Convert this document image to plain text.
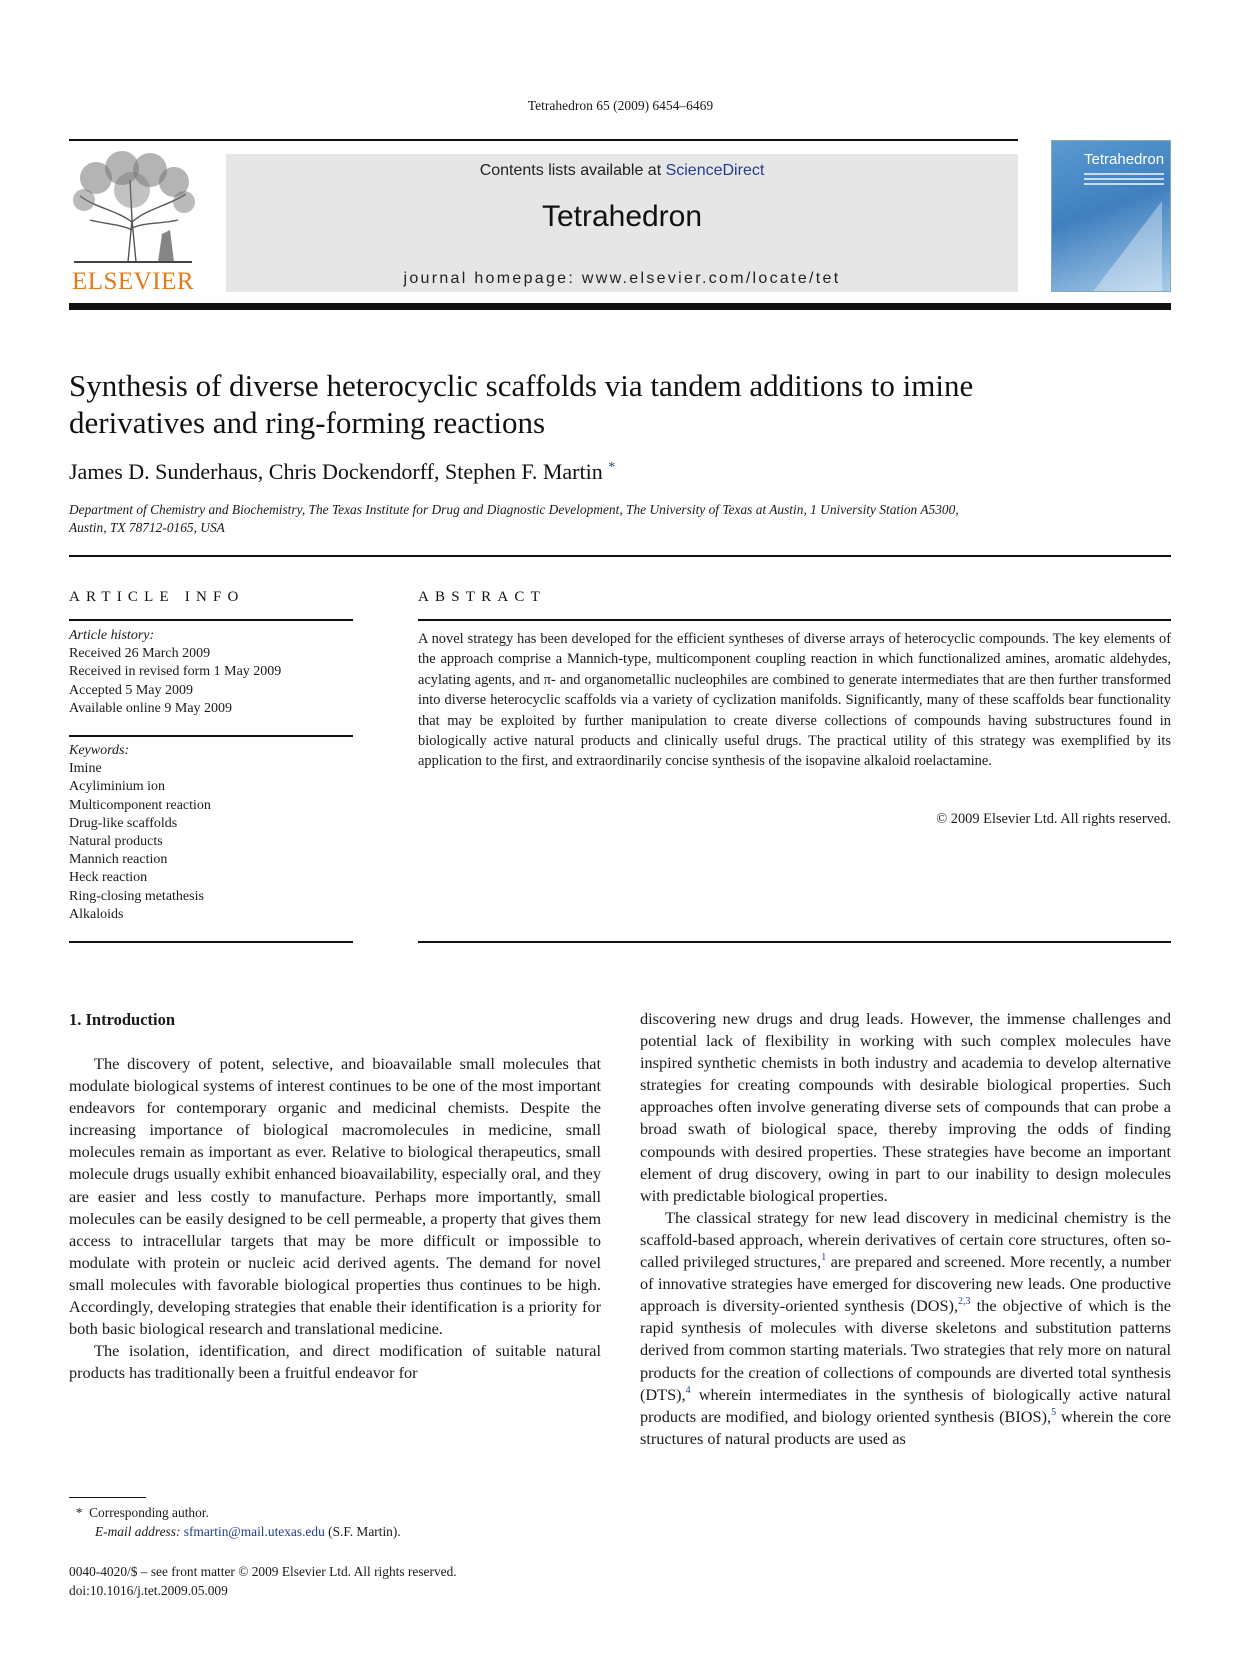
Tetrahedron 65 (2009) 6454–6469
ELSEVIER
Contents lists available at ScienceDirect
Tetrahedron
journal homepage: www.elsevier.com/locate/tet
Tetrahedron
Synthesis of diverse heterocyclic scaffolds via tandem additions to imine
derivatives and ring-forming reactions
James D. Sunderhaus, Chris Dockendorff, Stephen F. Martin *
Department of Chemistry and Biochemistry, The Texas Institute for Drug and Diagnostic Development, The University of Texas at Austin, 1 University Station A5300,
Austin, TX 78712-0165, USA
ARTICLE INFO
Article history:
Received 26 March 2009
Received in revised form 1 May 2009
Accepted 5 May 2009
Available online 9 May 2009
Keywords:
Imine
Acyliminium ion
Multicomponent reaction
Drug-like scaffolds
Natural products
Mannich reaction
Heck reaction
Ring-closing metathesis
Alkaloids
ABSTRACT
A novel strategy has been developed for the efficient syntheses of diverse arrays of heterocyclic compounds. The key elements of the approach comprise a Mannich-type, multicomponent coupling reaction in which functionalized amines, aromatic aldehydes, acylating agents, and π- and organometallic nucleophiles are combined to generate intermediates that are then further transformed into diverse heterocyclic scaffolds via a variety of cyclization manifolds. Significantly, many of these scaffolds bear functionality that may be exploited by further manipulation to create diverse collections of compounds having substructures found in biologically active natural products and clinically useful drugs. The practical utility of this strategy was exemplified by its application to the first, and extraordinarily concise synthesis of the isopavine alkaloid roelactamine.
© 2009 Elsevier Ltd. All rights reserved.
1. Introduction

The discovery of potent, selective, and bioavailable small molecules that modulate biological systems of interest continues to be one of the most important endeavors for contemporary organic and medicinal chemists. Despite the increasing importance of biological macromolecules in medicine, small molecules remain as important as ever. Relative to biological therapeutics, small molecule drugs usually exhibit enhanced bioavailability, especially oral, and they are easier and less costly to manufacture. Perhaps more importantly, small molecules can be easily designed to be cell permeable, a property that gives them access to intracellular targets that may be more difficult or impossible to modulate with protein or nucleic acid derived agents. The demand for novel small molecules with favorable biological properties thus continues to be high. Accordingly, developing strategies that enable their identification is a priority for both basic biological research and translational medicine.

The isolation, identification, and direct modification of suitable natural products has traditionally been a fruitful endeavor for

discovering new drugs and drug leads. However, the immense challenges and potential lack of flexibility in working with such complex molecules have inspired synthetic chemists in both industry and academia to develop alternative strategies for creating compounds with desirable biological properties. Such approaches often involve generating diverse sets of compounds that can probe a broad swath of biological space, thereby improving the odds of finding compounds with desired properties. These strategies have become an important element of drug discovery, owing in part to our inability to design molecules with predictable biological properties.

The classical strategy for new lead discovery in medicinal chemistry is the scaffold-based approach, wherein derivatives of certain core structures, often so-called privileged structures,$^1$ are prepared and screened. More recently, a number of innovative strategies have emerged for discovering new leads. One productive approach is diversity-oriented synthesis (DOS),$^{2,3}$ the objective of which is the rapid synthesis of molecules with diverse skeletons and substitution patterns derived from common starting materials. Two strategies that rely more on natural products for the creation of collections of compounds are diverted total synthesis (DTS),$^4$ wherein intermediates in the synthesis of biologically active natural products are modified, and biology oriented synthesis (BIOS),$^5$ wherein the core structures of natural products are used as

* Corresponding author.
E-mail address: sfmartin@mail.utexas.edu (S.F. Martin).
0040-4020/$ – see front matter © 2009 Elsevier Ltd. All rights reserved.
doi:10.1016/j.tet.2009.05.009
